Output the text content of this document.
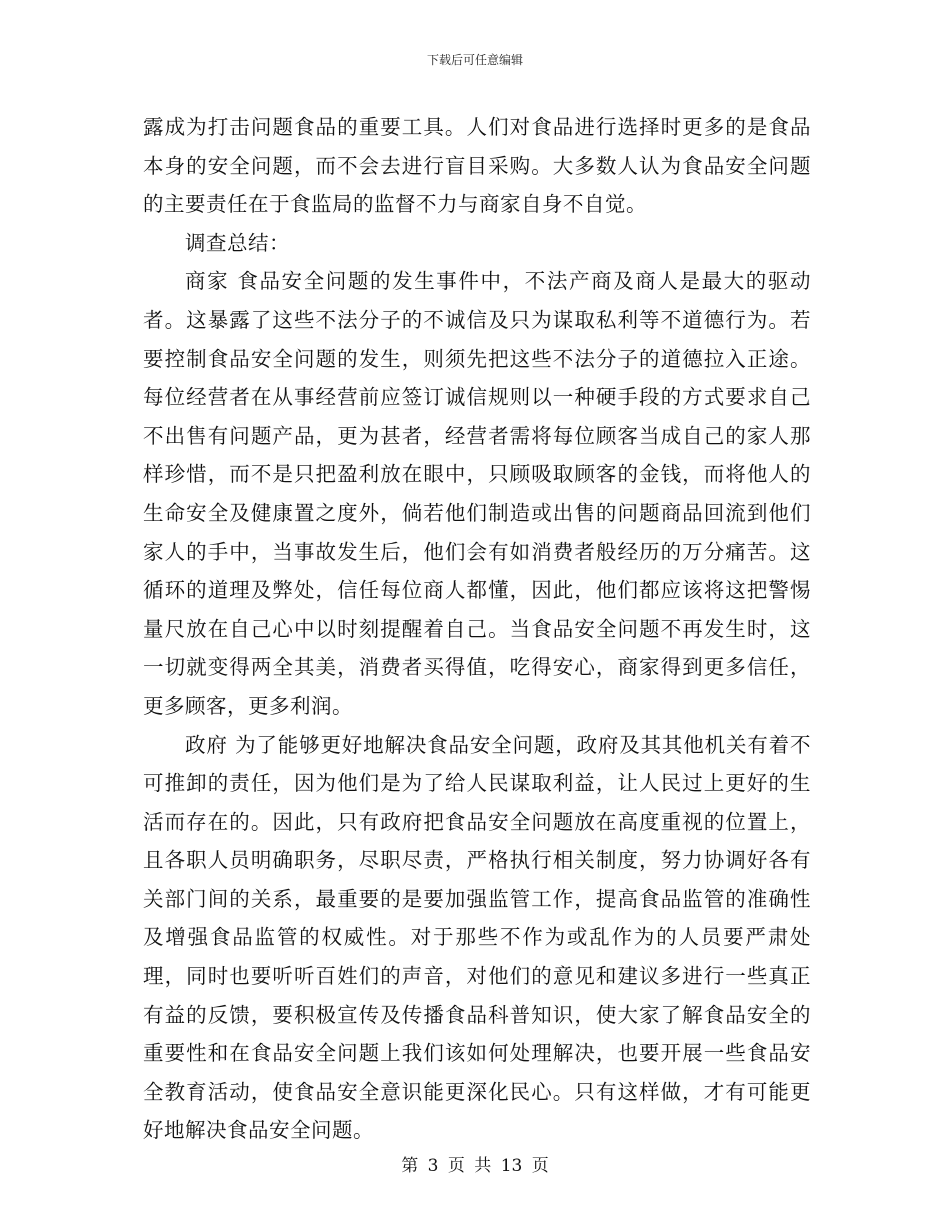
下载后可任意编辑

露成为打击问题食品的重要工具。人们对食品进行选择时更多的是食品本身的安全问题，而不会去进行盲目采购。大多数人认为食品安全问题的主要责任在于食监局的监督不力与商家自身不自觉。

调查总结：

商家 食品安全问题的发生事件中，不法产商及商人是最大的驱动者。这暴露了这些不法分子的不诚信及只为谋取私利等不道德行为。若要控制食品安全问题的发生，则须先把这些不法分子的道德拉入正途。每位经营者在从事经营前应签订诚信规则以一种硬手段的方式要求自己不出售有问题产品，更为甚者，经营者需将每位顾客当成自己的家人那样珍惜，而不是只把盈利放在眼中，只顾吸取顾客的金钱，而将他人的生命安全及健康置之度外，倘若他们制造或出售的问题商品回流到他们家人的手中，当事故发生后，他们会有如消费者般经历的万分痛苦。这循环的道理及弊处，信任每位商人都懂，因此，他们都应该将这把警惕量尺放在自己心中以时刻提醒着自己。当食品安全问题不再发生时，这一切就变得两全其美，消费者买得值，吃得安心，商家得到更多信任，更多顾客，更多利润。

政府 为了能够更好地解决食品安全问题，政府及其其他机关有着不可推卸的责任，因为他们是为了给人民谋取利益，让人民过上更好的生活而存在的。因此，只有政府把食品安全问题放在高度重视的位置上，且各职人员明确职务，尽职尽责，严格执行相关制度，努力协调好各有关部门间的关系，最重要的是要加强监管工作，提高食品监管的准确性及增强食品监管的权威性。对于那些不作为或乱作为的人员要严肃处理，同时也要听听百姓们的声音，对他们的意见和建议多进行一些真正有益的反馈，要积极宣传及传播食品科普知识，使大家了解食品安全的重要性和在食品安全问题上我们该如何处理解决，也要开展一些食品安全教育活动，使食品安全意识能更深化民心。只有这样做，才有可能更好地解决食品安全问题。

第 3 页 共 13 页
